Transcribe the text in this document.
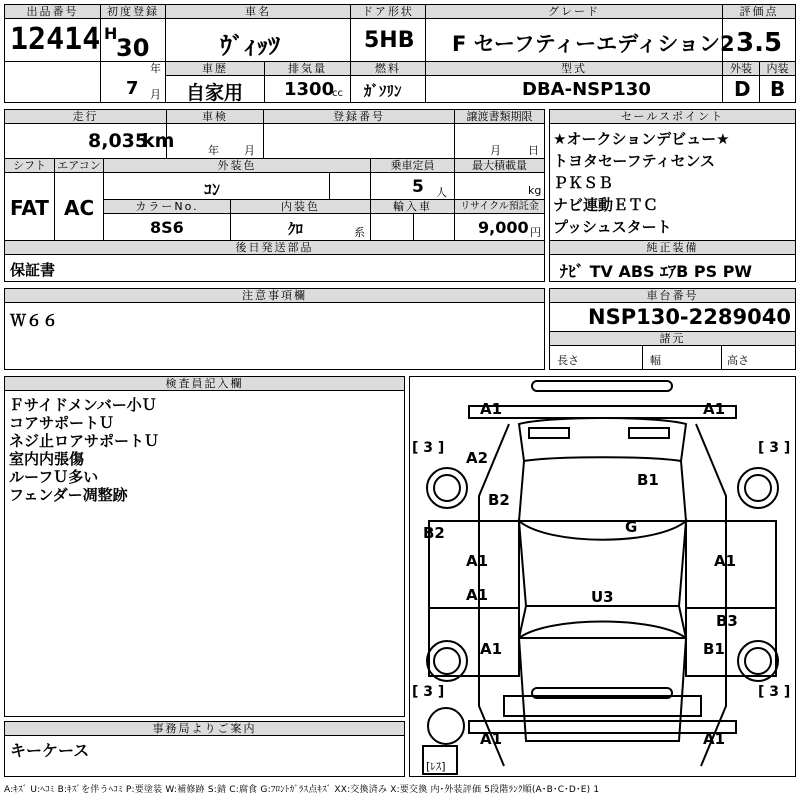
出品番号
12414
初度登録
H
30
年
7 月
車名
ｳﾞｨｯﾂ
ドア形状
5HB
グレード
F セーフティーエディション2
評価点
3.5
車歴
自家用
排気量
1300
cc
燃料
ｶﾞｿﾘﾝ
型式
DBA-NSP130
外装
D
内装
B
走行
8,035
km
車検
年 月
登録番号	譲渡書類期限
月 日
シフト
FAT
エアコン
AC
外装色
ｺﾝ
乗車定員
5 人
最大積載量
kg
カラーNo.
8S6
内装色
ｸﾛ	系
輸入車	リサイクル預託金
9,000 円
後日発送部品
保証書
セールスポイント
★オークションデビュー★
トヨタセーフティセンス
ＰＫＳＢ
ナビ連動ＥＴＣ
プッシュスタート
純正装備
ﾅﾋﾞ TV ABS ｴｱB PS PW
注意事項欄
Ｗ６６
車台番号
NSP130-2289040
諸元
長さ	幅	高さ
検査員記入欄
Ｆサイドメンバー小Ｕ
コアサポートＵ
ネジ止ロアサポートＵ
室内内張傷
ルーフＵ多い
フェンダー凋整跡
事務局よりご案内
キーケース
A1	A1
A2
B1
B2
G
B2
A1	A1
A1	U3
B3
A1	B1
A1	A1
[ 3 ]	[ 3 ]
[ 3 ]	[ 3 ]
[ﾚｽ]
A:ｷｽﾞ U:ﾍｺﾐ B:ｷｽﾞを伴うﾍｺﾐ P:要塗装 W:補修跡 S:錆 C:腐食 G:ﾌﾛﾝﾄｶﾞﾗｽ点ｷｽﾞ XX:交換済み X:要交換 内･外装評価 5段階ﾗﾝｸ順(A･B･C･D･E) 1
